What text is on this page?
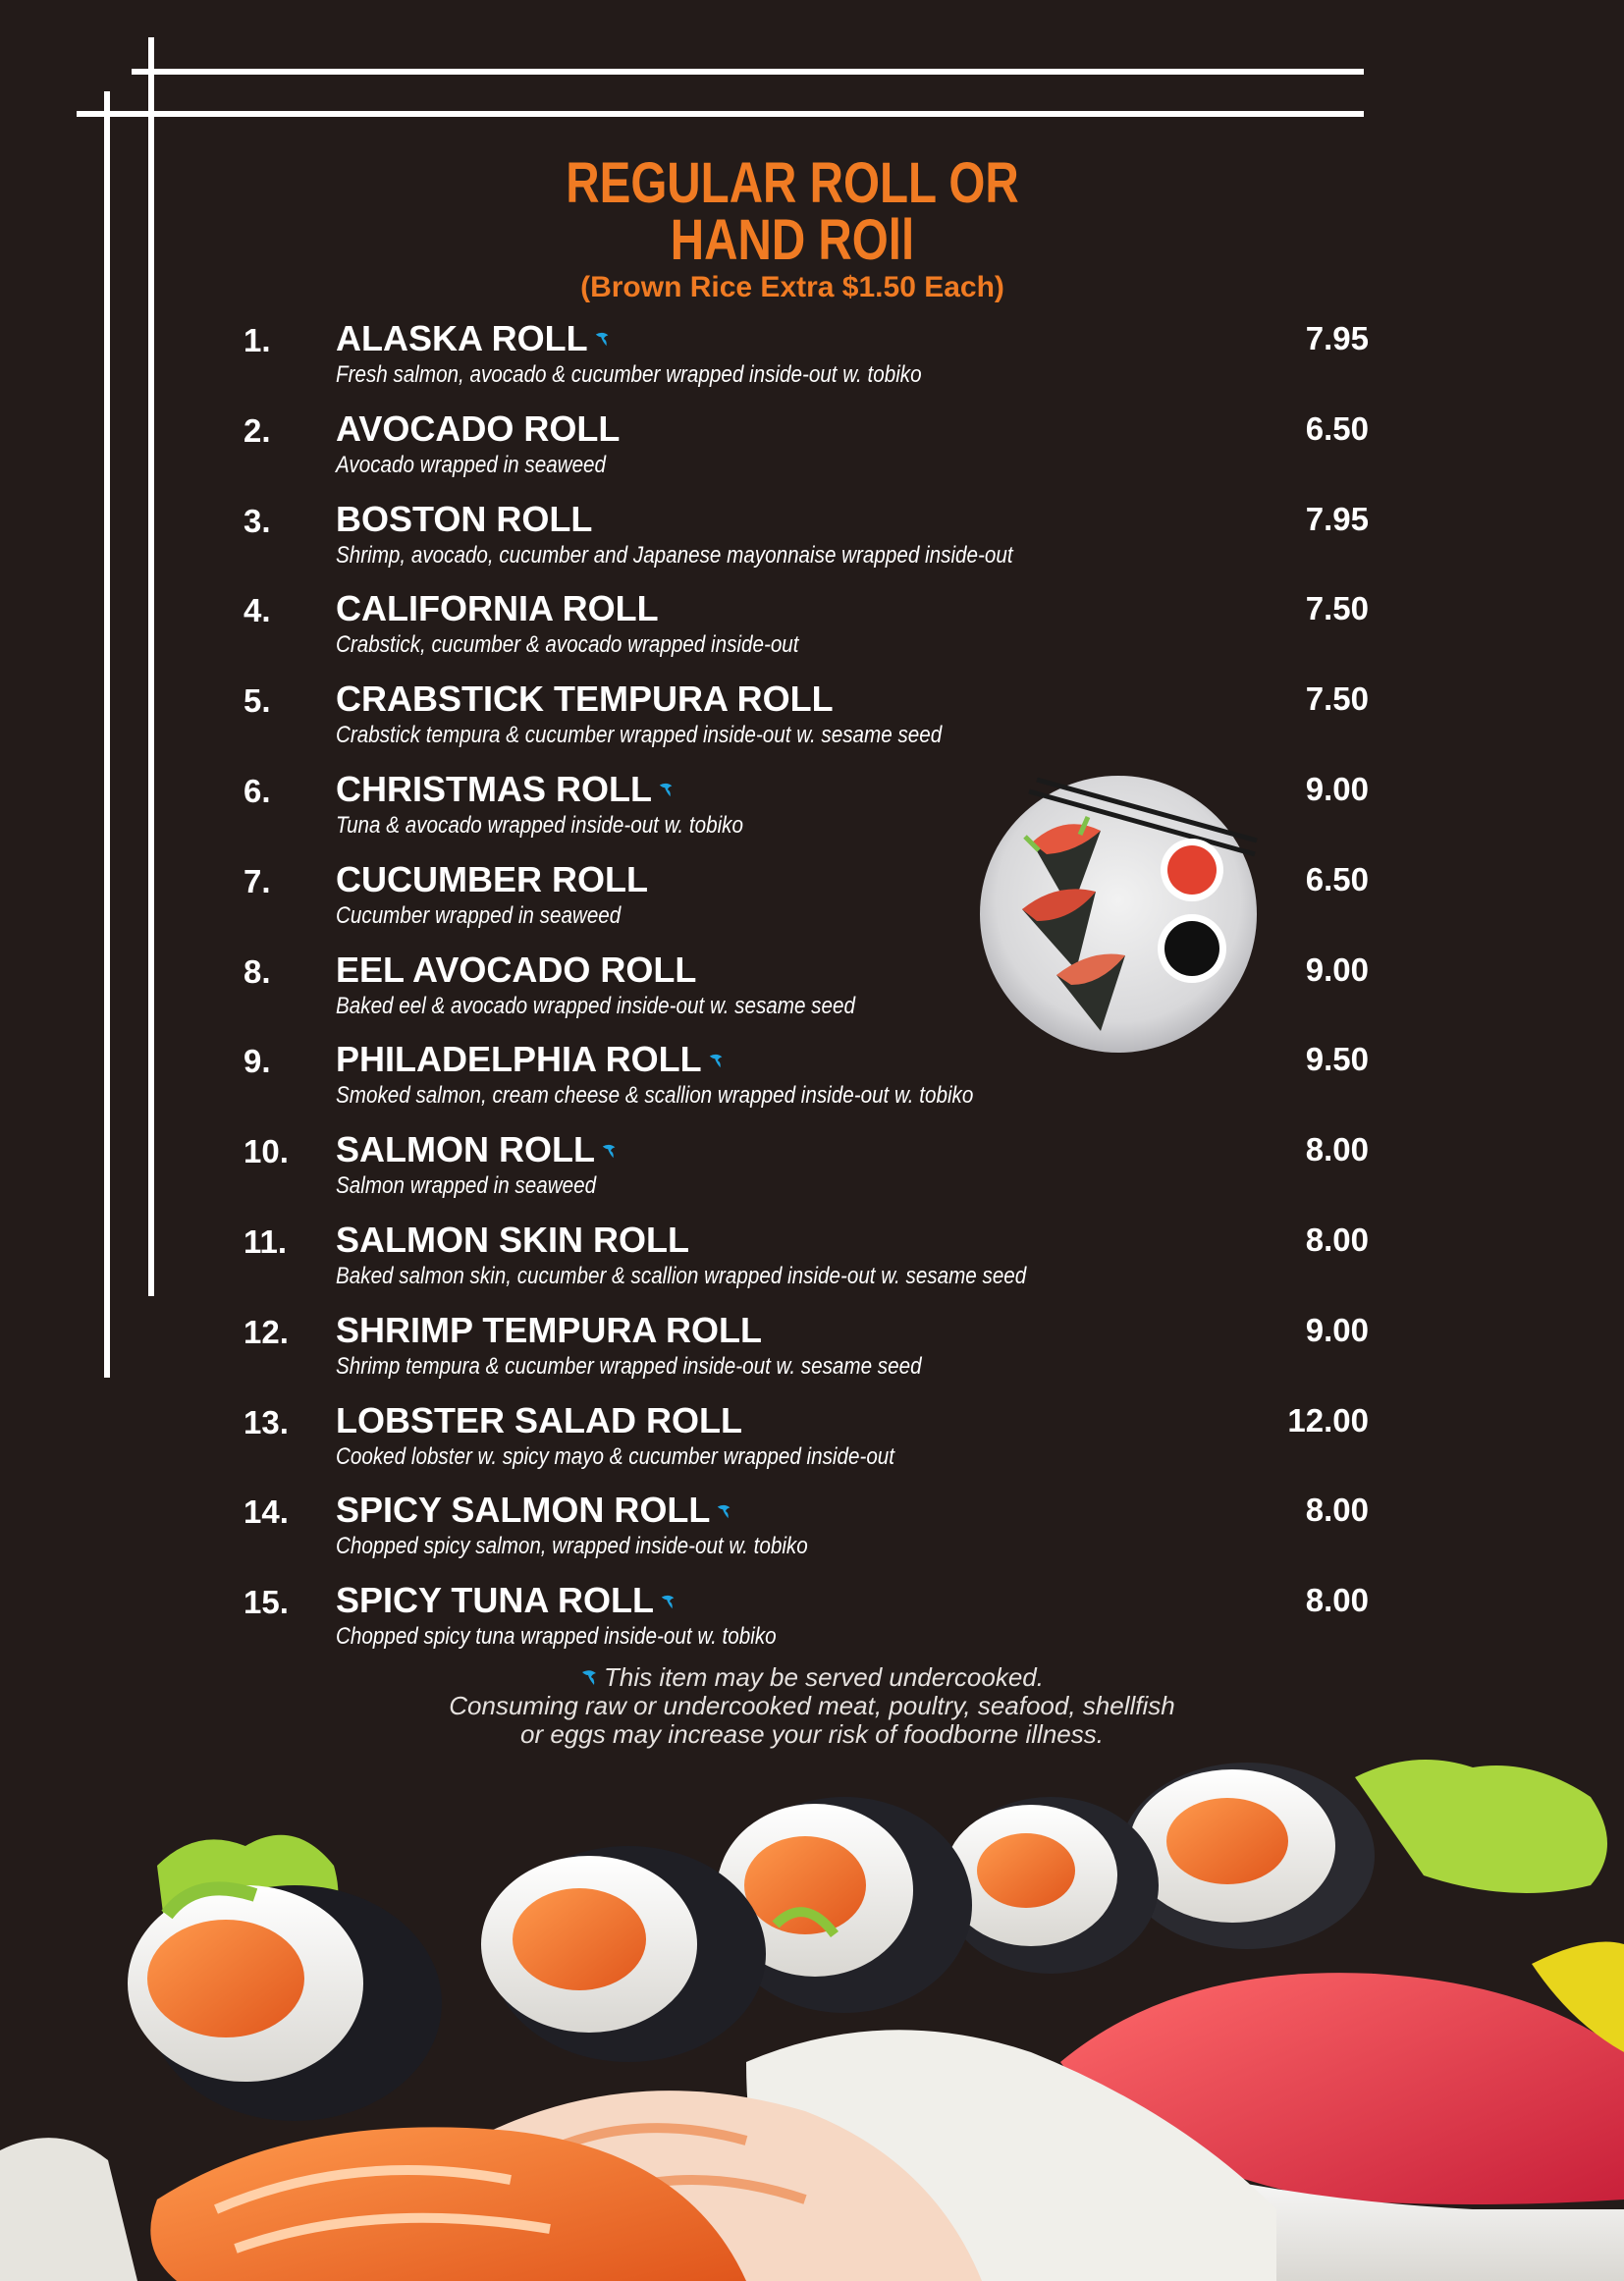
REGULAR ROLL OR
HAND ROll
(Brown Rice Extra $1.50 Each)
1. ALASKA ROLL
Fresh salmon, avocado & cucumber wrapped inside-out w. tobiko
7.95
2. AVOCADO ROLL
Avocado wrapped in seaweed
6.50
3. BOSTON ROLL
Shrimp, avocado, cucumber and Japanese mayonnaise wrapped inside-out
7.95
4. CALIFORNIA ROLL
Crabstick, cucumber & avocado wrapped inside-out
7.50
5. CRABSTICK TEMPURA ROLL
Crabstick tempura & cucumber wrapped inside-out w. sesame seed
7.50
6. CHRISTMAS ROLL
Tuna & avocado wrapped inside-out w. tobiko
9.00
7. CUCUMBER ROLL
Cucumber wrapped in seaweed
6.50
8. EEL AVOCADO ROLL
Baked eel & avocado wrapped inside-out w. sesame seed
9.00
9. PHILADELPHIA ROLL
Smoked salmon, cream cheese & scallion wrapped inside-out w. tobiko
9.50
10. SALMON ROLL
Salmon wrapped in seaweed
8.00
11. SALMON SKIN ROLL
Baked salmon skin, cucumber & scallion wrapped inside-out w. sesame seed
8.00
12. SHRIMP TEMPURA ROLL
Shrimp tempura & cucumber wrapped inside-out w. sesame seed
9.00
13. LOBSTER SALAD ROLL
Cooked lobster w. spicy mayo & cucumber wrapped inside-out
12.00
14. SPICY SALMON ROLL
Chopped spicy salmon, wrapped inside-out w. tobiko
8.00
15. SPICY TUNA ROLL
Chopped spicy tuna wrapped inside-out w. tobiko
8.00
This item may be served undercooked.
Consuming raw or undercooked meat, poultry, seafood, shellfish
or eggs may increase your risk of foodborne illness.
